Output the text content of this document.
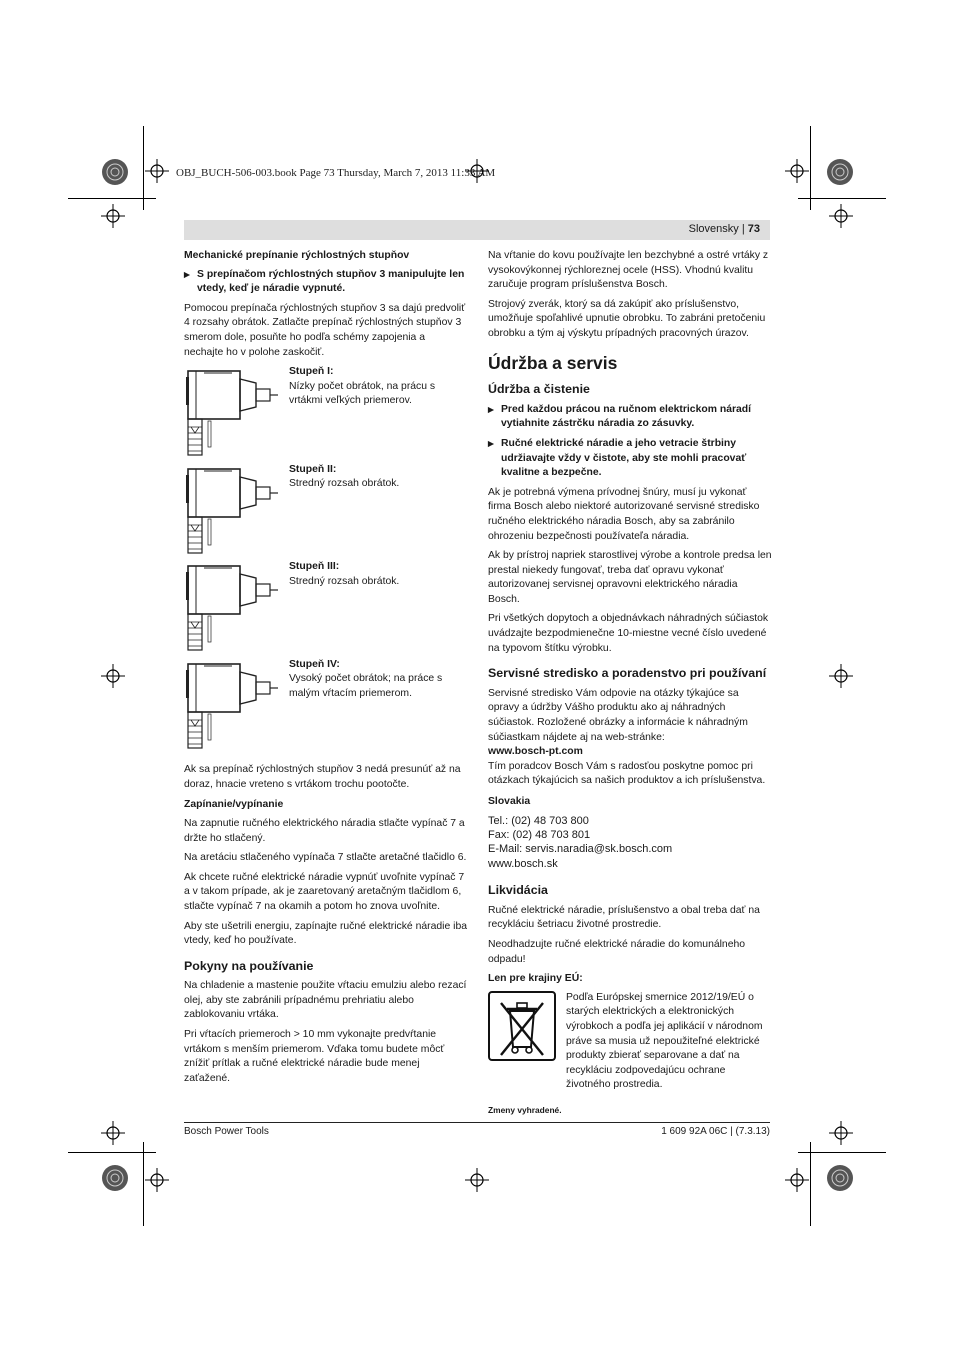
OBJ_BUCH-506-003.book Page 73 Thursday, March 7, 2013 11:33 AM
Slovensky | 73
Mechanické prepínanie rýchlostných stupňov
▶ S prepínačom rýchlostných stupňov 3 manipulujte len vtedy, keď je náradie vypnuté.

Pomocou prepínača rýchlostných stupňov 3 sa dajú predvoliť 4 rozsahy obrátok. Zatlačte prepínač rýchlostných stupňov 3 smerom dole, posuňte ho podľa schémy zapojenia a nechajte ho v polohe zaskočiť.

Stupeň I:
Nízky počet obrátok, na prácu s vrtákmi veľkých priemerov.
Stupeň II:
Stredný rozsah obrátok.
Stupeň III:
Stredný rozsah obrátok.
Stupeň IV:
Vysoký počet obrátok; na práce s malým vŕtacím priemerom.

Ak sa prepínač rýchlostných stupňov 3 nedá presunúť až na doraz, hnacie vreteno s vrtákom trochu pootočte.

Zapínanie/vypínanie

Na zapnutie ručného elektrického náradia stlačte vypínač 7 a držte ho stlačený.

Na aretáciu stlačeného vypínača 7 stlačte aretačné tlačidlo 6.

Ak chcete ručné elektrické náradie vypnúť uvoľnite vypínač 7 a v takom prípade, ak je zaaretovaný aretačným tlačidlom 6, stlačte vypínač 7 na okamih a potom ho znova uvoľnite.

Aby ste ušetrili energiu, zapínajte ručné elektrické náradie iba vtedy, keď ho používate.

Pokyny na používanie

Na chladenie a mastenie použite vŕtaciu emulziu alebo rezací olej, aby ste zabránili prípadnému prehriatiu alebo zablokovaniu vrtáka.

Pri vŕtacích priemeroch > 10 mm vykonajte predvŕtanie vrtákom s menším priemerom. Vďaka tomu budete môcť znížiť prítlak a ručné elektrické náradie bude menej zaťažené.

Na vŕtanie do kovu používajte len bezchybné a ostré vrtáky z vysokovýkonnej rýchloreznej ocele (HSS). Vhodnú kvalitu zaručuje program príslušenstva Bosch.

Strojový zverák, ktorý sa dá zakúpiť ako príslušenstvo, umožňuje spoľahlivé upnutie obrobku. To zabráni pretočeniu obrobku a tým aj výskytu prípadných pracovných úrazov.

Údržba a servis
Údržba a čistenie
▶ Pred každou prácou na ručnom elektrickom náradí vytiahnite zástrčku náradia zo zásuvky.
▶ Ručné elektrické náradie a jeho vetracie štrbiny udržiavajte vždy v čistote, aby ste mohli pracovať kvalitne a bezpečne.

Ak je potrebná výmena prívodnej šnúry, musí ju vykonať firma Bosch alebo niektoré autorizované servisné stredisko ručného elektrického náradia Bosch, aby sa zabránilo ohrozeniu bezpečnosti používateľa náradia.

Ak by prístroj napriek starostlivej výrobe a kontrole predsa len prestal niekedy fungovať, treba dať opravu vykonať autorizovanej servisnej opravovni elektrického náradia Bosch.

Pri všetkých dopytoch a objednávkach náhradných súčiastok uvádzajte bezpodmienečne 10-miestne vecné číslo uvedené na typovom štítku výrobku.

Servisné stredisko a poradenstvo pri používaní

Servisné stredisko Vám odpovie na otázky týkajúce sa opravy a údržby Vášho produktu ako aj náhradných súčiastok. Rozložené obrázky a informácie k náhradným súčiastkam nájdete aj na web-stránke:
www.bosch-pt.com

Tím poradcov Bosch Vám s radosťou poskytne pomoc pri otázkach týkajúcich sa našich produktov a ich príslušenstva.

Slovakia
Tel.: (02) 48 703 800
Fax: (02) 48 703 801
E-Mail: servis.naradia@sk.bosch.com
www.bosch.sk
Likvidácia

Ručné elektrické náradie, príslušenstvo a obal treba dať na recykláciu šetriacu životné prostredie.

Neodhadzujte ručné elektrické náradie do komunálneho odpadu!

Len pre krajiny EÚ:
Podľa Európskej smernice 2012/19/EÚ o starých elektrických a elektronických výrobkoch a podľa jej aplikácií v národnom práve sa musia už nepoužiteľné elektrické produkty zbierať separovane a dať na recykláciu zodpovedajúcu ochrane životného prostredia.
Zmeny vyhradené.
Bosch Power Tools	1 609 92A 06C | (7.3.13)
